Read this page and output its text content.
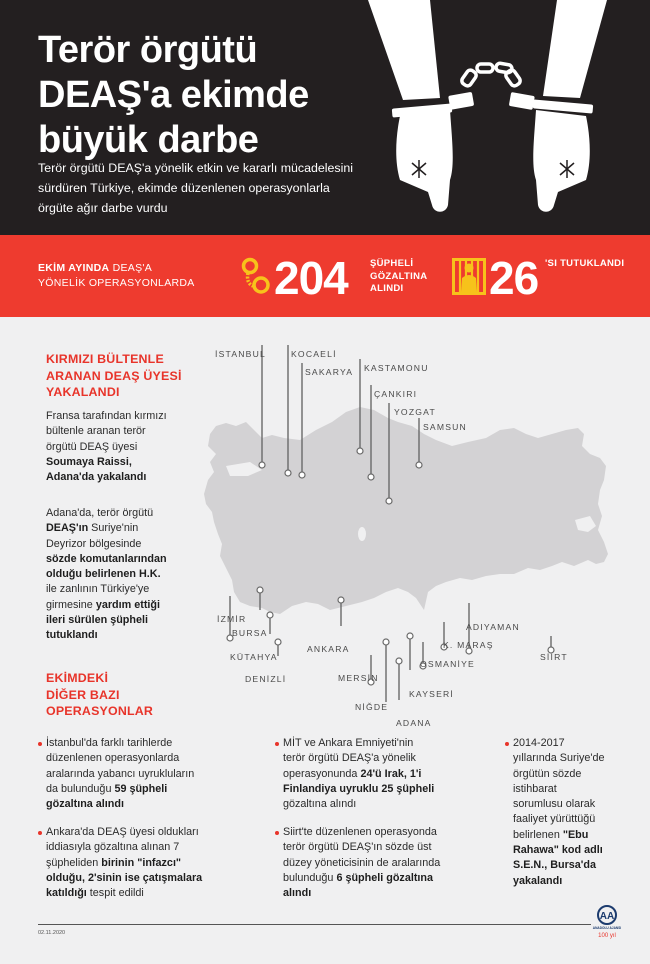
Terör örgütü
DEAŞ'a ekimde
büyük darbe
Terör örgütü DEAŞ'a yönelik etkin ve kararlı mücadelesini sürdüren Türkiye, ekimde düzenlenen operasyonlarla örgüte ağır darbe vurdu
EKİM AYINDA DEAŞ'A
YÖNELİK OPERASYONLARDA 204 ŞÜPHELİ
GÖZALTINA
ALINDI	26 'SI TUTUKLANDI
KIRMIZI BÜLTENLE
ARANAN DEAŞ ÜYESİ
YAKALANDI
Fransa tarafından kırmızı
bültenle aranan terör
örgütü DEAŞ üyesi
Soumaya Raissi,
Adana'da yakalandı
Adana'da, terör örgütü
DEAŞ'ın Suriye'nin
Deyrizor bölgesinde
sözde komutanlarından
olduğu belirlenen H.K.
ile zanlının Türkiye'ye
girmesine yardım ettiği
ileri sürülen şüpheli
tutuklandı
İSTANBUL	KOCAELİ
SAKARYA KASTAMONU
ÇANKIRI
YOZGAT
SAMSUN
BURSA
KÜTAHYA
DENİZLİ
İZMİR
ANKARA
MERSİN
NİĞDE
ADANA
KAYSERİ
OSMANİYE
K. MARAŞ
ADIYAMAN
SİİRT
EKİMDEKİ
DİĞER BAZI
OPERASYONLAR
İstanbul'da farklı tarihlerde
düzenlenen operasyonlarda
aralarında yabancı uyrukluların
da bulunduğu 59 şüpheli
gözaltına alındı
Ankara'da DEAŞ üyesi oldukları
iddiasıyla gözaltına alınan 7
şüpheliden birinin "infazcı"
olduğu, 2'sinin ise çatışmalara
katıldığı tespit edildi
MİT ve Ankara Emniyeti'nin
terör örgütü DEAŞ'a yönelik
operasyonunda 24'ü Irak, 1'i
Finlandiya uyruklu 25 şüpheli
gözaltına alındı
Siirt'te düzenlenen operasyonda
terör örgütü DEAŞ'ın sözde üst
düzey yöneticisinin de aralarında
bulunduğu 6 şüpheli gözaltına
alındı
2014-2017
yıllarında Suriye'de
örgütün sözde
istihbarat
sorumlusu olarak
faaliyet yürüttüğü
belirlenen "Ebu
Rahawa" kod adlı
S.E.N., Bursa'da
yakalandı
02.11.2020
AA
ANADOLU AJANSI
100 yıl
